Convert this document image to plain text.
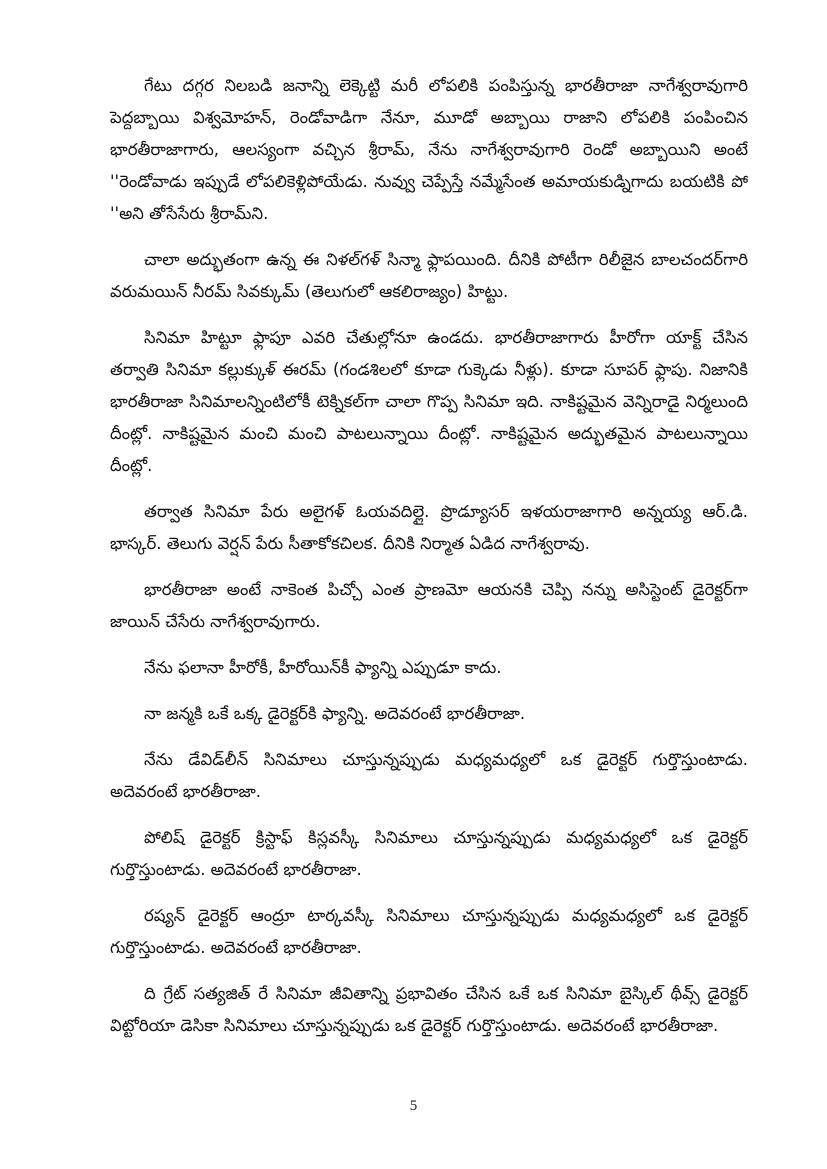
గేటు దగ్గర నిలబడి జనాన్ని లెక్కెట్టి మరీ లోపలికి పంపిస్తున్న భారతీరాజా నాగేశ్వరావుగారి పెద్దబ్బాయి విశ్వమోహన్, రెండోవాడిగా నేనూ, మూడో అబ్బాయి రాజాని లోపలికి పంపించిన భారతీరాజాగారు, ఆలస్యంగా వచ్చిన శ్రీరామ్, నేను నాగేశ్వరావుగారి రెండో అబ్బాయిని అంటే ''రెండోవాడు ఇప్పుడే లోపలికెళ్లిపోయేడు. నువ్వు చెప్పేస్తే నమ్మేసేంత అమాయకుడ్నిగాదు బయటికి పో ''అని తోసేసేరు శ్రీరామ్‌ని.

చాలా అద్భుతంగా ఉన్న ఈ నిళల్‌గళ్ సిన్మా ఫ్లాపయింది. దీనికి పోటీగా రిలీజైన బాలచందర్‌గారి వరుమయిన్ నీరమ్ సివక్కుమ్ (తెలుగులో ఆకలిరాజ్యం) హిట్టు.

సినిమా హిట్టూ ఫ్లాపూ ఎవరి చేతుల్లోనూ ఉండదు. భారతీరాజాగారు హీరోగా యాక్ట్ చేసిన తర్వాతి సినిమా కల్లుక్కుళ్ ఈరమ్ (గండశిలలో కూడా గుక్కెడు నీళ్లు). కూడా సూపర్ ఫ్లాపు. నిజానికి భారతీరాజా సినిమాలన్నింటిలోకీ టెక్నికల్‌గా చాలా గొప్ప సినిమా ఇది. నాకిష్టమైన వెన్నిరాడై నిర్మలుంది దీంట్లో. నాకిష్టమైన మంచి మంచి పాటలున్నాయి దీంట్లో. నాకిష్టమైన అద్భుతమైన పాటలున్నాయి దీంట్లో.

తర్వాత సినిమా పేరు అలైగళ్ ఓయవదిల్లై. ప్రొడ్యూసర్ ఇళయరాజాగారి అన్నయ్య ఆర్.డి. భాస్కర్. తెలుగు వెర్షన్ పేరు సీతాకోకచిలక. దీనికి నిర్మాత ఏడిద నాగేశ్వరావు.

భారతీరాజా అంటే నాకెంత పిచ్చో ఎంత ప్రాణమో ఆయనకి చెప్పి నన్ను అసిస్టెంట్ డైరెక్టర్‌గా జాయిన్ చేసేరు నాగేశ్వరావుగారు.

నేను ఫలానా హీరోకీ, హీరోయిన్‌కీ ఫ్యాన్ని ఎప్పుడూ కాదు.

నా జన్మకి ఒకే ఒక్క డైరెక్టర్‌కి ఫ్యాన్ని. అదెవరంటే భారతీరాజా.

నేను డేవిడ్‌లీన్ సినిమాలు చూస్తున్నప్పుడు మధ్యమధ్యలో ఒక డైరెక్టర్ గుర్తొస్తుంటాడు. అదెవరంటే భారతీరాజా.

పోలిష్ డైరెక్టర్ క్రిస్టాఫ్ కిస్లవస్కీ సినిమాలు చూస్తున్నప్పుడు మధ్యమధ్యలో ఒక డైరెక్టర్ గుర్తొస్తుంటాడు. అదెవరంటే భారతీరాజా.

రష్యన్ డైరెక్టర్ ఆంద్రూ టార్కవస్కీ సినిమాలు చూస్తున్నప్పుడు మధ్యమధ్యలో ఒక డైరెక్టర్ గుర్తొస్తుంటాడు. అదెవరంటే భారతీరాజా.

ది గ్రేట్ సత్యజిత్ రే సినిమా జీవితాన్ని ప్రభావితం చేసిన ఒకే ఒక సినిమా బైస్కిల్ థీవ్స్ డైరెక్టర్ విట్టోరియా డెసికా సినిమాలు చూస్తున్నప్పుడు ఒక డైరెక్టర్ గుర్తొస్తుంటాడు. అదెవరంటే భారతీరాజా.

5
